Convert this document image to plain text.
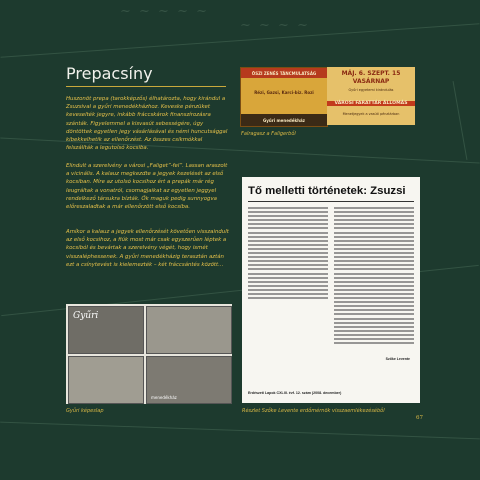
~ ~ ~ ~ ~
~ ~ ~ ~
Prepacsíny

Huszonöt prepa (tarokképzős) élhatározta, hogy kirándul a Zsuzsival a gyűri menedékházhoz. Keveske pénzüket keveselték jegyre, inkább fráccskárok finanszírozásra szánták. Figyelemmel a kisvasút sebességére, úgy döntöttek egyetlen jegy vásárlásával és némi huncutsággal kibekkelhetik az ellenőrzést. Az összes csikmókkal felszállták a legutolsó kocsiba.

Elindult a szerelvény a városi „Faliget”-fel”. Lassan araszolt a vicinális. A kalauz megkezdte a jegyek kezelését az első kocsiban. Míre az utolsó kocsihoz ért a prepák már rég leugráltak a vonatról, csomagjaikat az egyetlen jeggyel rendelkező társukra bízták. Ők maguk pedig sunnyogva előreszaladtak a már ellenőrzött első kocsiba.

Amíkor a kalauz a jegyek ellenőrzését követően visszaindult az első kocsihoz, a fiúk most már csak egyszerűen léptek a kocsiból és bevártak a szerelvény végét, hogy ismét visszaléphessenek. A gyűri menedékházig terasztán aztán ezt a csínytevést is kielemezték – két fráccsántés között…

ŐSZI ZENÉS TÁNCMULATSÁG
Rézi, Gazsi, Karci-biz. Rozi
Gyűri menedékház
MÁJ. 6. SZEPT. 15
VASÁRNAP
Gyűri egyetemi kirándulás
VÁROSI FARATTÁR ÁLLOMÁS
Menetjegyek a vasúti pénztárban
Falragasz a Faligerből
Tő melletti történetek: Zsuzsi
Szőke Levente
Erdészeti Lapok CXLIII. évf. 12. szám (2008. december)
Gyűri
menedékház
Gyűri képeslap	Részlet Szőke Levente erdőmérnök visszaemlékezéséből
67
